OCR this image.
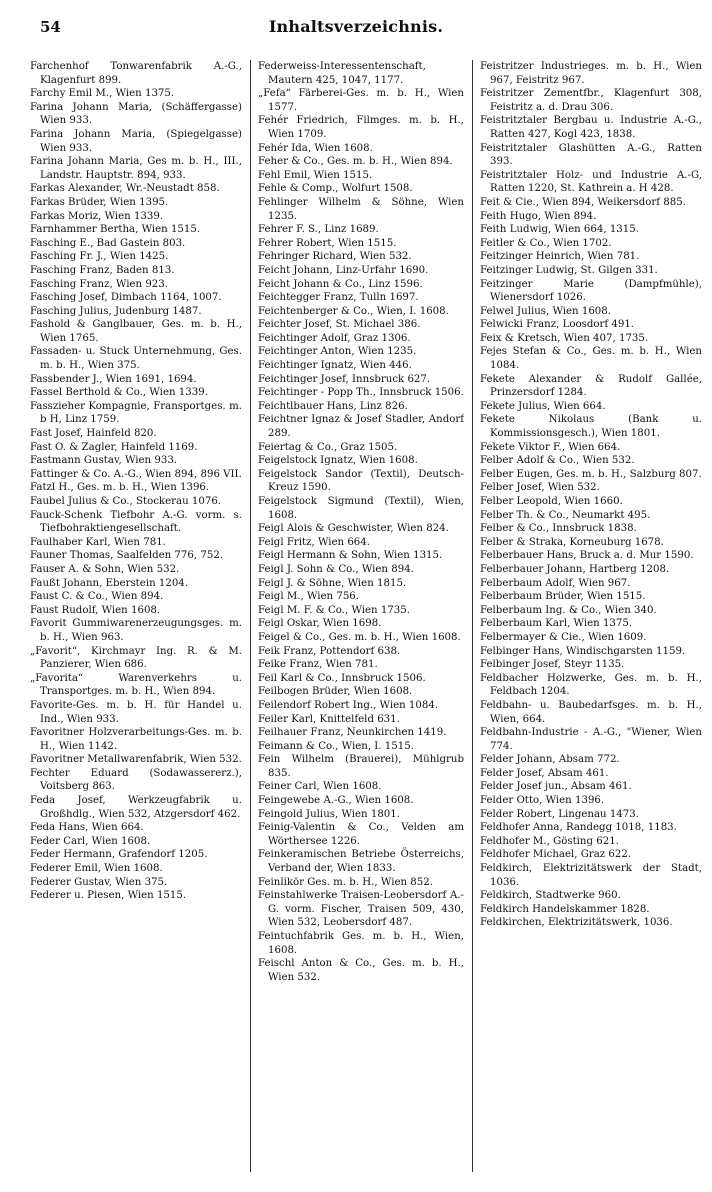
54	Inhaltsverzeichnis.

Farchenhof Tonwarenfabrik A.-G., Klagenfurt 899.

Farchy Emil M., Wien 1375.

Farina Johann Maria, (Schäffergasse) Wien 933.

Farina Johann Maria, (Spiegelgasse) Wien 933.

Farina Johann Maria, Ges m. b. H., III., Landstr. Hauptstr. 894, 933.

Farkas Alexander, Wr.-Neustadt 858.

Farkas Brüder, Wien 1395.

Farkas Moriz, Wien 1339.

Farnhammer Bertha, Wien 1515.

Fasching E., Bad Gastein 803.

Fasching Fr. J., Wien 1425.

Fasching Franz, Baden 813.

Fasching Franz, Wien 923.

Fasching Josef, Dimbach 1164, 1007.

Fasching Julius, Judenburg 1487.

Fashold & Ganglbauer, Ges. m. b. H., Wien 1765.

Fassaden- u. Stuck Unternehmung, Ges. m. b. H., Wien 375.

Fassbender J., Wien 1691, 1694.

Fassel Berthold & Co., Wien 1339.

Fasszieher Kompagnie, Fransportges. m. b H, Linz 1759.

Fast Josef, Hainfeld 820.

Fast O. & Zagler, Hainfeld 1169.

Fastmann Gustav, Wien 933.

Fattinger & Co. A.-G., Wien 894, 896 VII.

Fatzl H., Ges. m. b. H., Wien 1396.

Faubel Julius & Co., Stockerau 1076.

Fauck-Schenk Tiefbohr A.-G. vorm. s. Tiefbohraktiengesellschaft.

Faulhaber Karl, Wien 781.

Fauner Thomas, Saalfelden 776, 752.

Fauser A. & Sohn, Wien 532.

Faußt Johann, Eberstein 1204.

Faust C. & Co., Wien 894.

Faust Rudolf, Wien 1608.

Favorit Gummiwarenerzeugungsges. m. b. H., Wien 963.

„Favorit“, Kirchmayr Ing. R. & M. Panzierer, Wien 686.

„Favorita“ Warenverkehrs u. Transportges. m. b. H., Wien 894.

Favorite-Ges. m. b. H. für Handel u. Ind., Wien 933.

Favoritner Holzverarbeitungs-Ges. m. b. H., Wien 1142.

Favoritner Metallwarenfabrik, Wien 532.

Fechter Eduard (Sodawassererz.), Voitsberg 863.

Feda Josef, Werkzeugfabrik u. Großhdlg., Wien 532, Atzgersdorf 462.

Feda Hans, Wien 664.

Feder Carl, Wien 1608.

Feder Hermann, Grafendorf 1205.

Federer Emil, Wien 1608.

Federer Gustav, Wien 375.

Federer u. Piesen, Wien 1515.

Federweiss-Interessentenschaft, Mautern 425, 1047, 1177.

„Fefa“ Färberei-Ges. m. b. H., Wien 1577.

Fehér Friedrich, Filmges. m. b. H., Wien 1709.

Fehér Ida, Wien 1608.

Feher & Co., Ges. m. b. H., Wien 894.

Fehl Emil, Wien 1515.

Fehle & Comp., Wolfurt 1508.

Fehlinger Wilhelm & Söhne, Wien 1235.

Fehrer F. S., Linz 1689.

Fehrer Robert, Wien 1515.

Fehringer Richard, Wien 532.

Feicht Johann, Linz-Urfahr 1690.

Feicht Johann & Co., Linz 1596.

Feichtegger Franz, Tulln 1697.

Feichtenberger & Co., Wien, I. 1608.

Feichter Josef, St. Michael 386.

Feichtinger Adolf, Graz 1306.

Feichtinger Anton, Wien 1235.

Feichtinger Ignatz, Wien 446.

Feichtinger Josef, Innsbruck 627.

Feichtinger - Popp Th., Innsbruck 1506.

Feichtlbauer Hans, Linz 826.

Feichtner Ignaz & Josef Stadler, Andorf 289.

Feiertag & Co., Graz 1505.

Feigelstock Ignatz, Wien 1608.

Feigelstock Sandor (Textil), Deutsch-Kreuz 1590.

Feigelstock Sigmund (Textil), Wien, 1608.

Feigl Alois & Geschwister, Wien 824.

Feigl Fritz, Wien 664.

Feigl Hermann & Sohn, Wien 1315.

Feigl J. Sohn & Co., Wien 894.

Feigl J. & Söhne, Wien 1815.

Feigl M., Wien 756.

Feigl M. F. & Co., Wien 1735.

Feigl Oskar, Wien 1698.

Feigel & Co., Ges. m. b. H., Wien 1608.

Feik Franz, Pottendorf 638.

Feike Franz, Wien 781.

Feil Karl & Co., Innsbruck 1506.

Feilbogen Brüder, Wien 1608.

Feilendorf Robert Ing., Wien 1084.

Feiler Karl, Knittelfeld 631.

Feilhauer Franz, Neunkirchen 1419.

Feimann & Co., Wien, I. 1515.

Fein Wilhelm (Brauerei), Mühlgrub 835.

Feiner Carl, Wien 1608.

Feingewebe A.-G., Wien 1608.

Feingold Julius, Wien 1801.

Feinig-Valentin & Co., Velden am Wörthersee 1226.

Feinkeramischen Betriebe Österreichs, Verband der, Wien 1833.

Feinlikör Ges. m. b. H., Wien 852.

Feinstahlwerke Traisen-Leobersdorf A.-G. vorm. Fischer, Traisen 509, 430, Wien 532, Leobersdorf 487.

Feintuchfabrik Ges. m. b. H., Wien, 1608.

Feischl Anton & Co., Ges. m. b. H., Wien 532.

Feistritzer Industrieges. m. b. H., Wien 967, Feistritz 967.

Feistritzer Zementfbr., Klagenfurt 308, Feistritz a. d. Drau 306.

Feistritztaler Bergbau u. Industrie A.-G., Ratten 427, Kogl 423, 1838.

Feistritztaler Glashütten A.-G., Ratten 393.

Feistritztaler Holz- und Industrie A.-G, Ratten 1220, St. Kathrein a. H 428.

Feit & Cie., Wien 894, Weikersdorf 885.

Feith Hugo, Wien 894.

Feith Ludwig, Wien 664, 1315.

Feitler & Co., Wien 1702.

Feitzinger Heinrich, Wien 781.

Feitzinger Ludwig, St. Gilgen 331.

Feitzinger Marie (Dampfmühle), Wienersdorf 1026.

Felwel Julius, Wien 1608.

Felwicki Franz, Loosdorf 491.

Feix & Kretsch, Wien 407, 1735.

Fejes Stefan & Co., Ges. m. b. H., Wien 1084.

Fekete Alexander & Rudolf Gallée, Prinzersdorf 1284.

Fekete Julius, Wien 664.

Fekete Nikolaus (Bank u. Kommissionsgesch.), Wien 1801.

Fekete Viktor F., Wien 664.

Felber Adolf & Co., Wien 532.

Felber Eugen, Ges. m. b. H., Salzburg 807.

Felber Josef, Wien 532.

Felber Leopold, Wien 1660.

Felber Th. & Co., Neumarkt 495.

Felber & Co., Innsbruck 1838.

Felber & Straka, Korneuburg 1678.

Felberbauer Hans, Bruck a. d. Mur 1590.

Felberbauer Johann, Hartberg 1208.

Felberbaum Adolf, Wien 967.

Felberbaum Brüder, Wien 1515.

Felberbaum Ing. & Co., Wien 340.

Felberbaum Karl, Wien 1375.

Felbermayer & Cie., Wien 1609.

Felbinger Hans, Windischgarsten 1159.

Felbinger Josef, Steyr 1135.

Feldbacher Holzwerke, Ges. m. b. H., Feldbach 1204.

Feldbahn- u. Baubedarfsges. m. b. H., Wien, 664.

Feldbahn-Industrie - A.-G., "Wiener, Wien 774.

Felder Johann, Absam 772.

Felder Josef, Absam 461.

Felder Josef jun., Absam 461.

Felder Otto, Wien 1396.

Felder Robert, Lingenau 1473.

Feldhofer Anna, Randegg 1018, 1183.

Feldhofer M., Gösting 621.

Feldhofer Michael, Graz 622.

Feldkirch, Elektrizitätswerk der Stadt, 1036.

Feldkirch, Stadtwerke 960.

Feldkirch Handelskammer 1828.

Feldkirchen, Elektrizitätswerk, 1036.
